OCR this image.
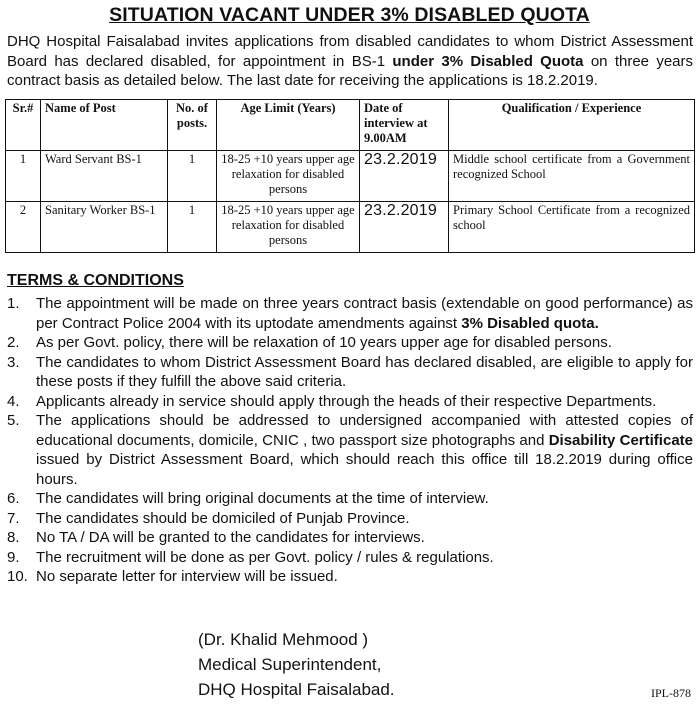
SITUATION VACANT UNDER 3% DISABLED QUOTA
DHQ Hospital Faisalabad invites applications from disabled candidates to whom District Assessment Board has declared disabled, for appointment in BS-1 under 3% Disabled Quota on three years contract basis as detailed below. The last date for receiving the applications is 18.2.2019.
Sr.#	Name of Post	No. of posts.	Age Limit (Years)	Date of interview at 9.00AM	Qualification / Experience
1	Ward Servant BS-1	1	18-25 +10 years upper age relaxation for disabled persons	23.2.2019	Middle school certificate from a Government recognized School
2	Sanitary Worker BS-1	1	18-25 +10 years upper age relaxation for disabled persons	23.2.2019	Primary School Certificate from a recognized school
TERMS & CONDITIONS
1. The appointment will be made on three years contract basis (extendable on good performance) as per Contract Police 2004 with its uptodate amendments against 3% Disabled quota.
2. As per Govt. policy, there will be relaxation of 10 years upper age for disabled persons.
3. The candidates to whom District Assessment Board has declared disabled, are eligible to apply for these posts if they fulfill the above said criteria.
4. Applicants already in service should apply through the heads of their respective Departments.
5. The applications should be addressed to undersigned accompanied with attested copies of educational documents, domicile, CNIC , two passport size photographs and Disability Certificate issued by District Assessment Board, which should reach this office till 18.2.2019 during office hours.
6. The candidates will bring original documents at the time of interview.
7. The candidates should be domiciled of Punjab Province.
8. No TA / DA will be granted to the candidates for interviews.
9. The recruitment will be done as per Govt. policy / rules & regulations.
10. No separate letter for interview will be issued.
(Dr. Khalid Mehmood )
Medical Superintendent,
DHQ Hospital Faisalabad.	IPL-878
